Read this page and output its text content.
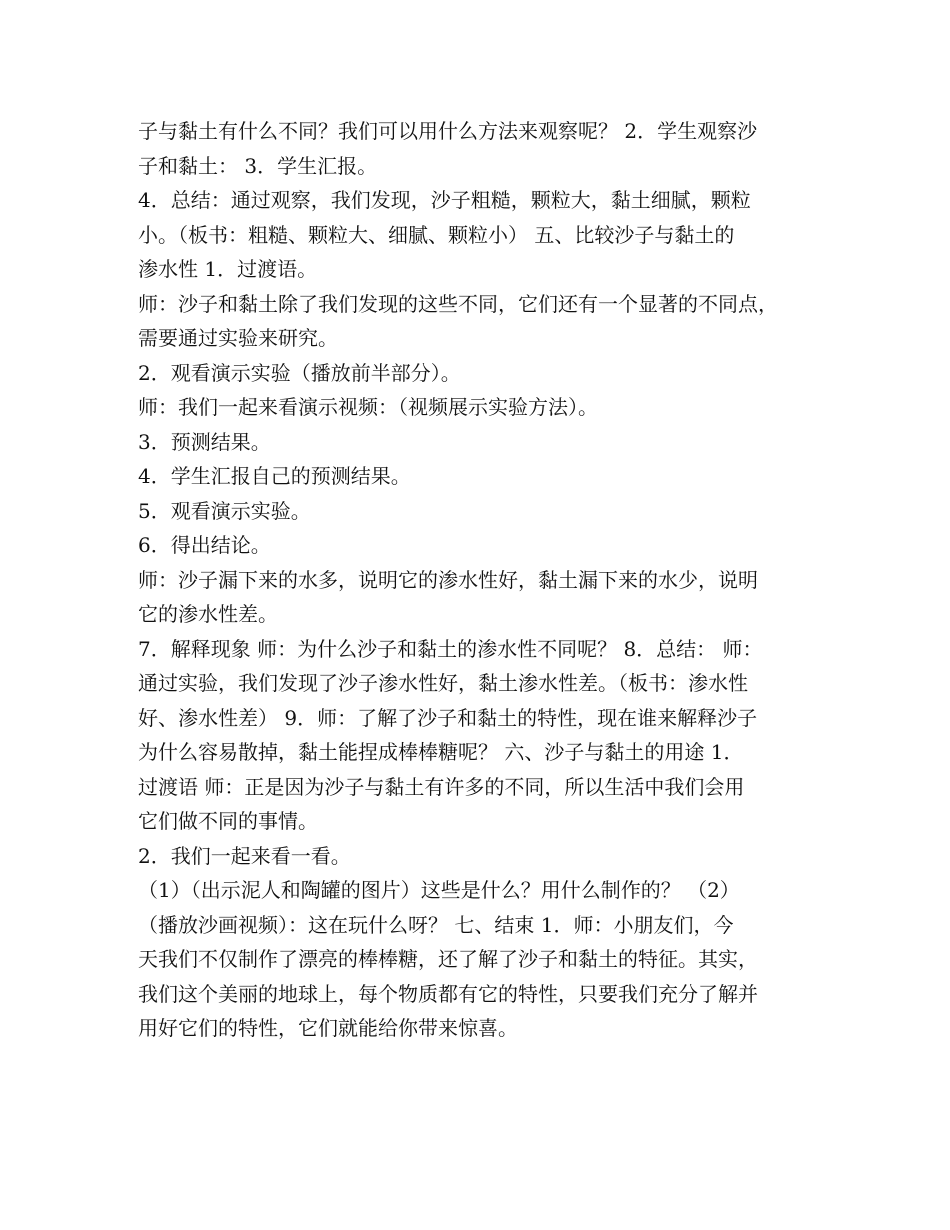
子与黏土有什么不同？我们可以用什么方法来观察呢？ 2．学生观察沙
子和黏土： 3．学生汇报。
4．总结：通过观察，我们发现，沙子粗糙，颗粒大，黏土细腻，颗粒
小。（板书：粗糙、颗粒大、细腻、颗粒小） 五、比较沙子与黏土的
渗水性 1．过渡语。
师：沙子和黏土除了我们发现的这些不同，它们还有一个显著的不同点，
需要通过实验来研究。
2．观看演示实验（播放前半部分）。
师：我们一起来看演示视频：（视频展示实验方法）。
3．预测结果。
4．学生汇报自己的预测结果。
5．观看演示实验。
6．得出结论。
师：沙子漏下来的水多，说明它的渗水性好，黏土漏下来的水少，说明
它的渗水性差。
7．解释现象 师：为什么沙子和黏土的渗水性不同呢？ 8．总结： 师：
通过实验，我们发现了沙子渗水性好，黏土渗水性差。（板书：渗水性
好、渗水性差） 9．师：了解了沙子和黏土的特性，现在谁来解释沙子
为什么容易散掉，黏土能捏成棒棒糖呢？ 六、沙子与黏土的用途 1．
过渡语 师：正是因为沙子与黏土有许多的不同，所以生活中我们会用
它们做不同的事情。
2．我们一起来看一看。
（1）（出示泥人和陶罐的图片）这些是什么？用什么制作的？ （2）
（播放沙画视频）：这在玩什么呀？ 七、结束 1．师：小朋友们，今
天我们不仅制作了漂亮的棒棒糖，还了解了沙子和黏土的特征。其实，
我们这个美丽的地球上，每个物质都有它的特性，只要我们充分了解并
用好它们的特性，它们就能给你带来惊喜。
